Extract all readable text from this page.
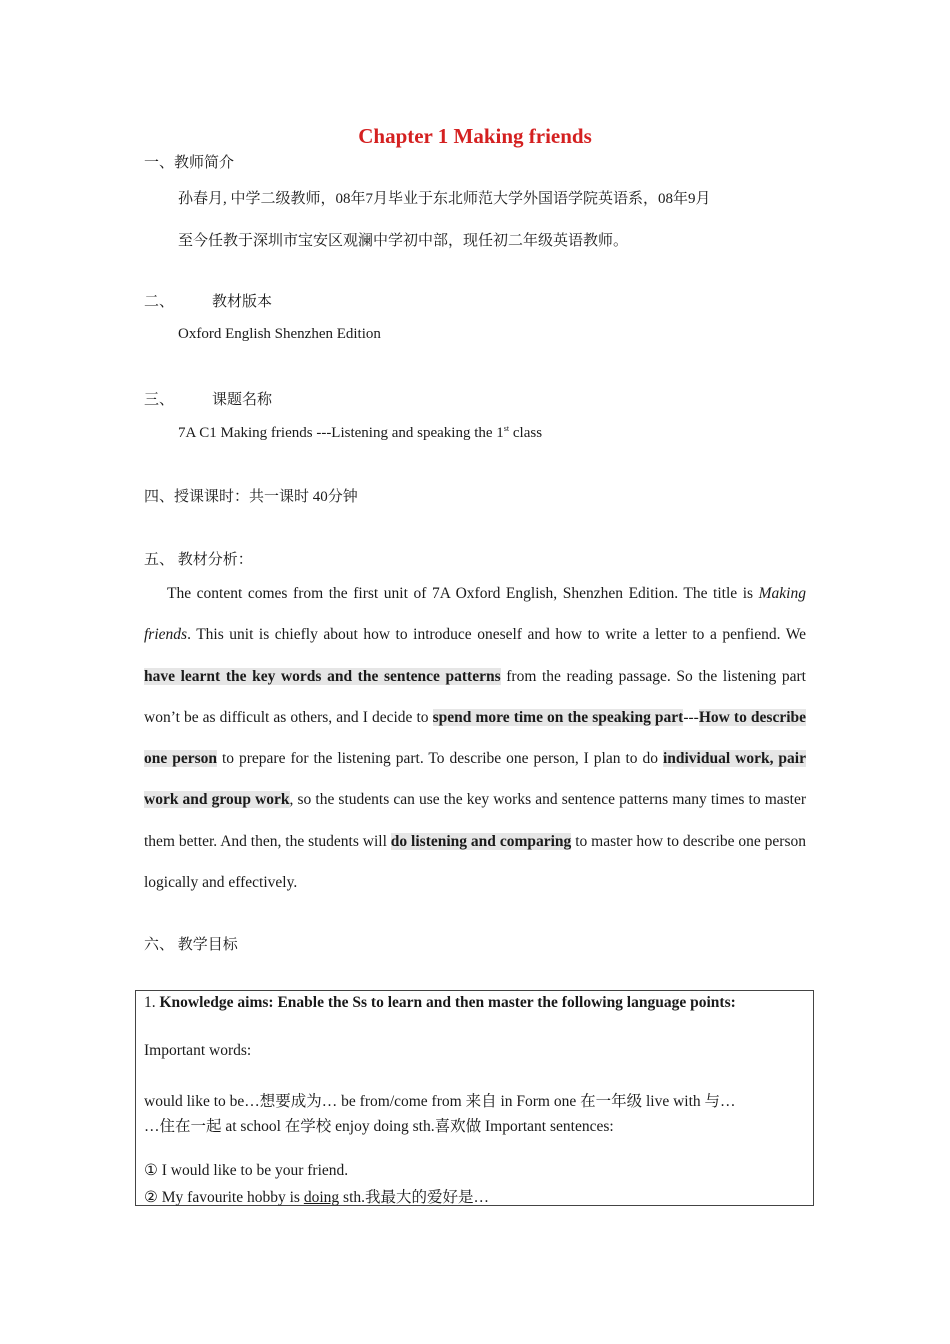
Chapter 1 Making friends
一、教师简介
孙春月, 中学二级教师，08年7月毕业于东北师范大学外国语学院英语系，08年9月
至今任教于深圳市宝安区观澜中学初中部，现任初二年级英语教师。
二、	教材版本
Oxford English Shenzhen Edition
三、	课题名称
7A C1 Making friends ---Listening and speaking the 1st class
四、授课课时：共一课时 40分钟
五、 教材分析：
The content comes from the first unit of 7A Oxford English, Shenzhen Edition. The title is Making friends. This unit is chiefly about how to introduce oneself and how to write a letter to a penfiend. We have learnt the key words and the sentence patterns from the reading passage. So the listening part won’t be as difficult as others, and I decide to spend more time on the speaking part---How to describe one person to prepare for the listening part. To describe one person, I plan to do individual work, pair work and group work, so the students can use the key works and sentence patterns many times to master them better. And then, the students will do listening and comparing to master how to describe one person logically and effectively.
六、 教学目标
1. Knowledge aims: Enable the Ss to learn and then master the following language points:
Important words:
would like to be…想要成为… be from/come from 来自 in Form one 在一年级 live with 与…
…住在一起 at school 在学校 enjoy doing sth.喜欢做 Important sentences:
① I would like to be your friend.
② My favourite hobby is doing sth.我最大的爱好是…
